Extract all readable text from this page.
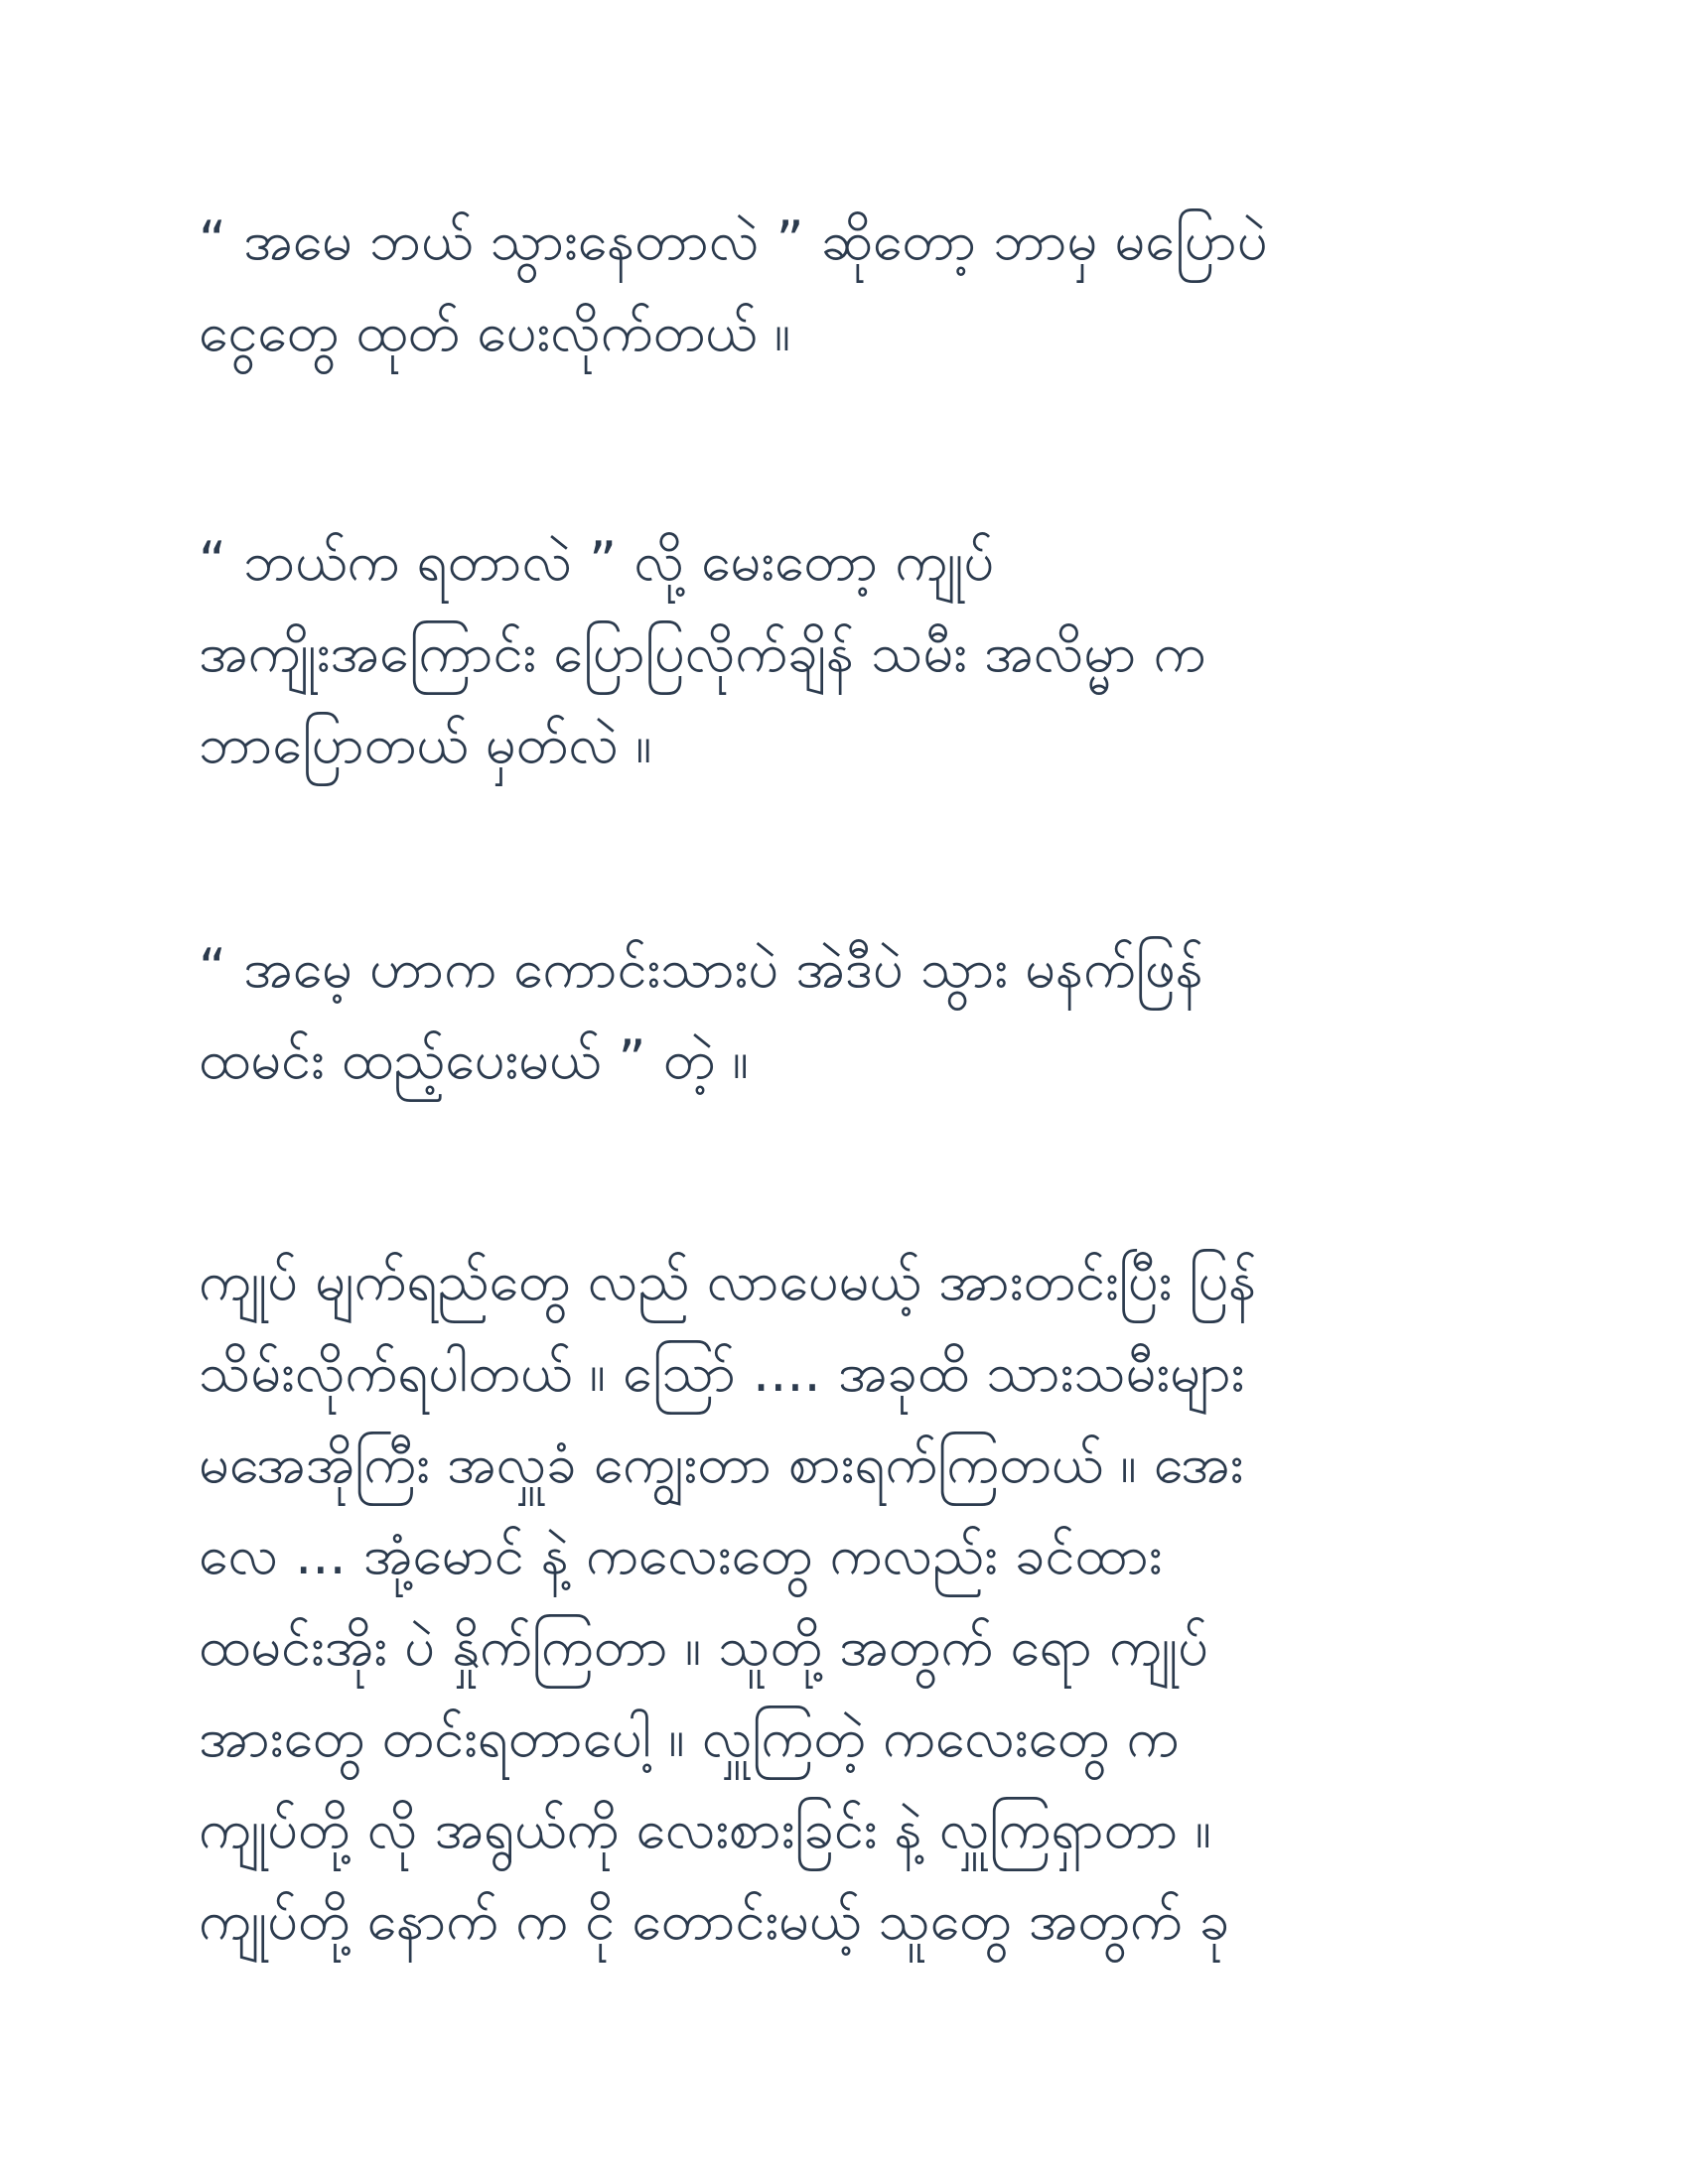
“ အမေ ဘယ် သွားနေတာလဲ ” ဆိုတော့ ဘာမှ မပြောပဲ
ငွေတွေ ထုတ် ပေးလိုက်တယ် ။

“ ဘယ်က ရတာလဲ ” လို့ မေးတော့ ကျုပ်
အကျိုးအကြောင်း ပြောပြလိုက်ချိန် သမီး အလိမ္မာ က
ဘာပြောတယ် မှတ်လဲ ။

“ အမေ့ ဟာက ကောင်းသားပဲ အဲဒီပဲ သွား မနက်ဖြန်
ထမင်း ထည့်ပေးမယ် ” တဲ့ ။

ကျုပ် မျက်ရည်တွေ လည် လာပေမယ့် အားတင်းပြီး ပြန်
သိမ်းလိုက်ရပါတယ် ။ ဩော် .... အခုထိ သားသမီးများ
မအေအိုကြီး အလှူခံ ကျွေးတာ စားရက်ကြတယ် ။ အေး
လေ ... အုံ့မောင် နဲ့ ကလေးတွေ ကလည်း ခင်ထား
ထမင်းအိုး ပဲ နှိုက်ကြတာ ။ သူတို့ အတွက် ရော ကျုပ်
အားတွေ တင်းရတာပေါ့ ။ လှူကြတဲ့ ကလေးတွေ က
ကျုပ်တို့ လို အရွယ်ကို လေးစားခြင်း နဲ့ လှူကြရှာတာ ။
ကျုပ်တို့ နောက် က ငို တောင်းမယ့် သူတွေ အတွက် ခု
